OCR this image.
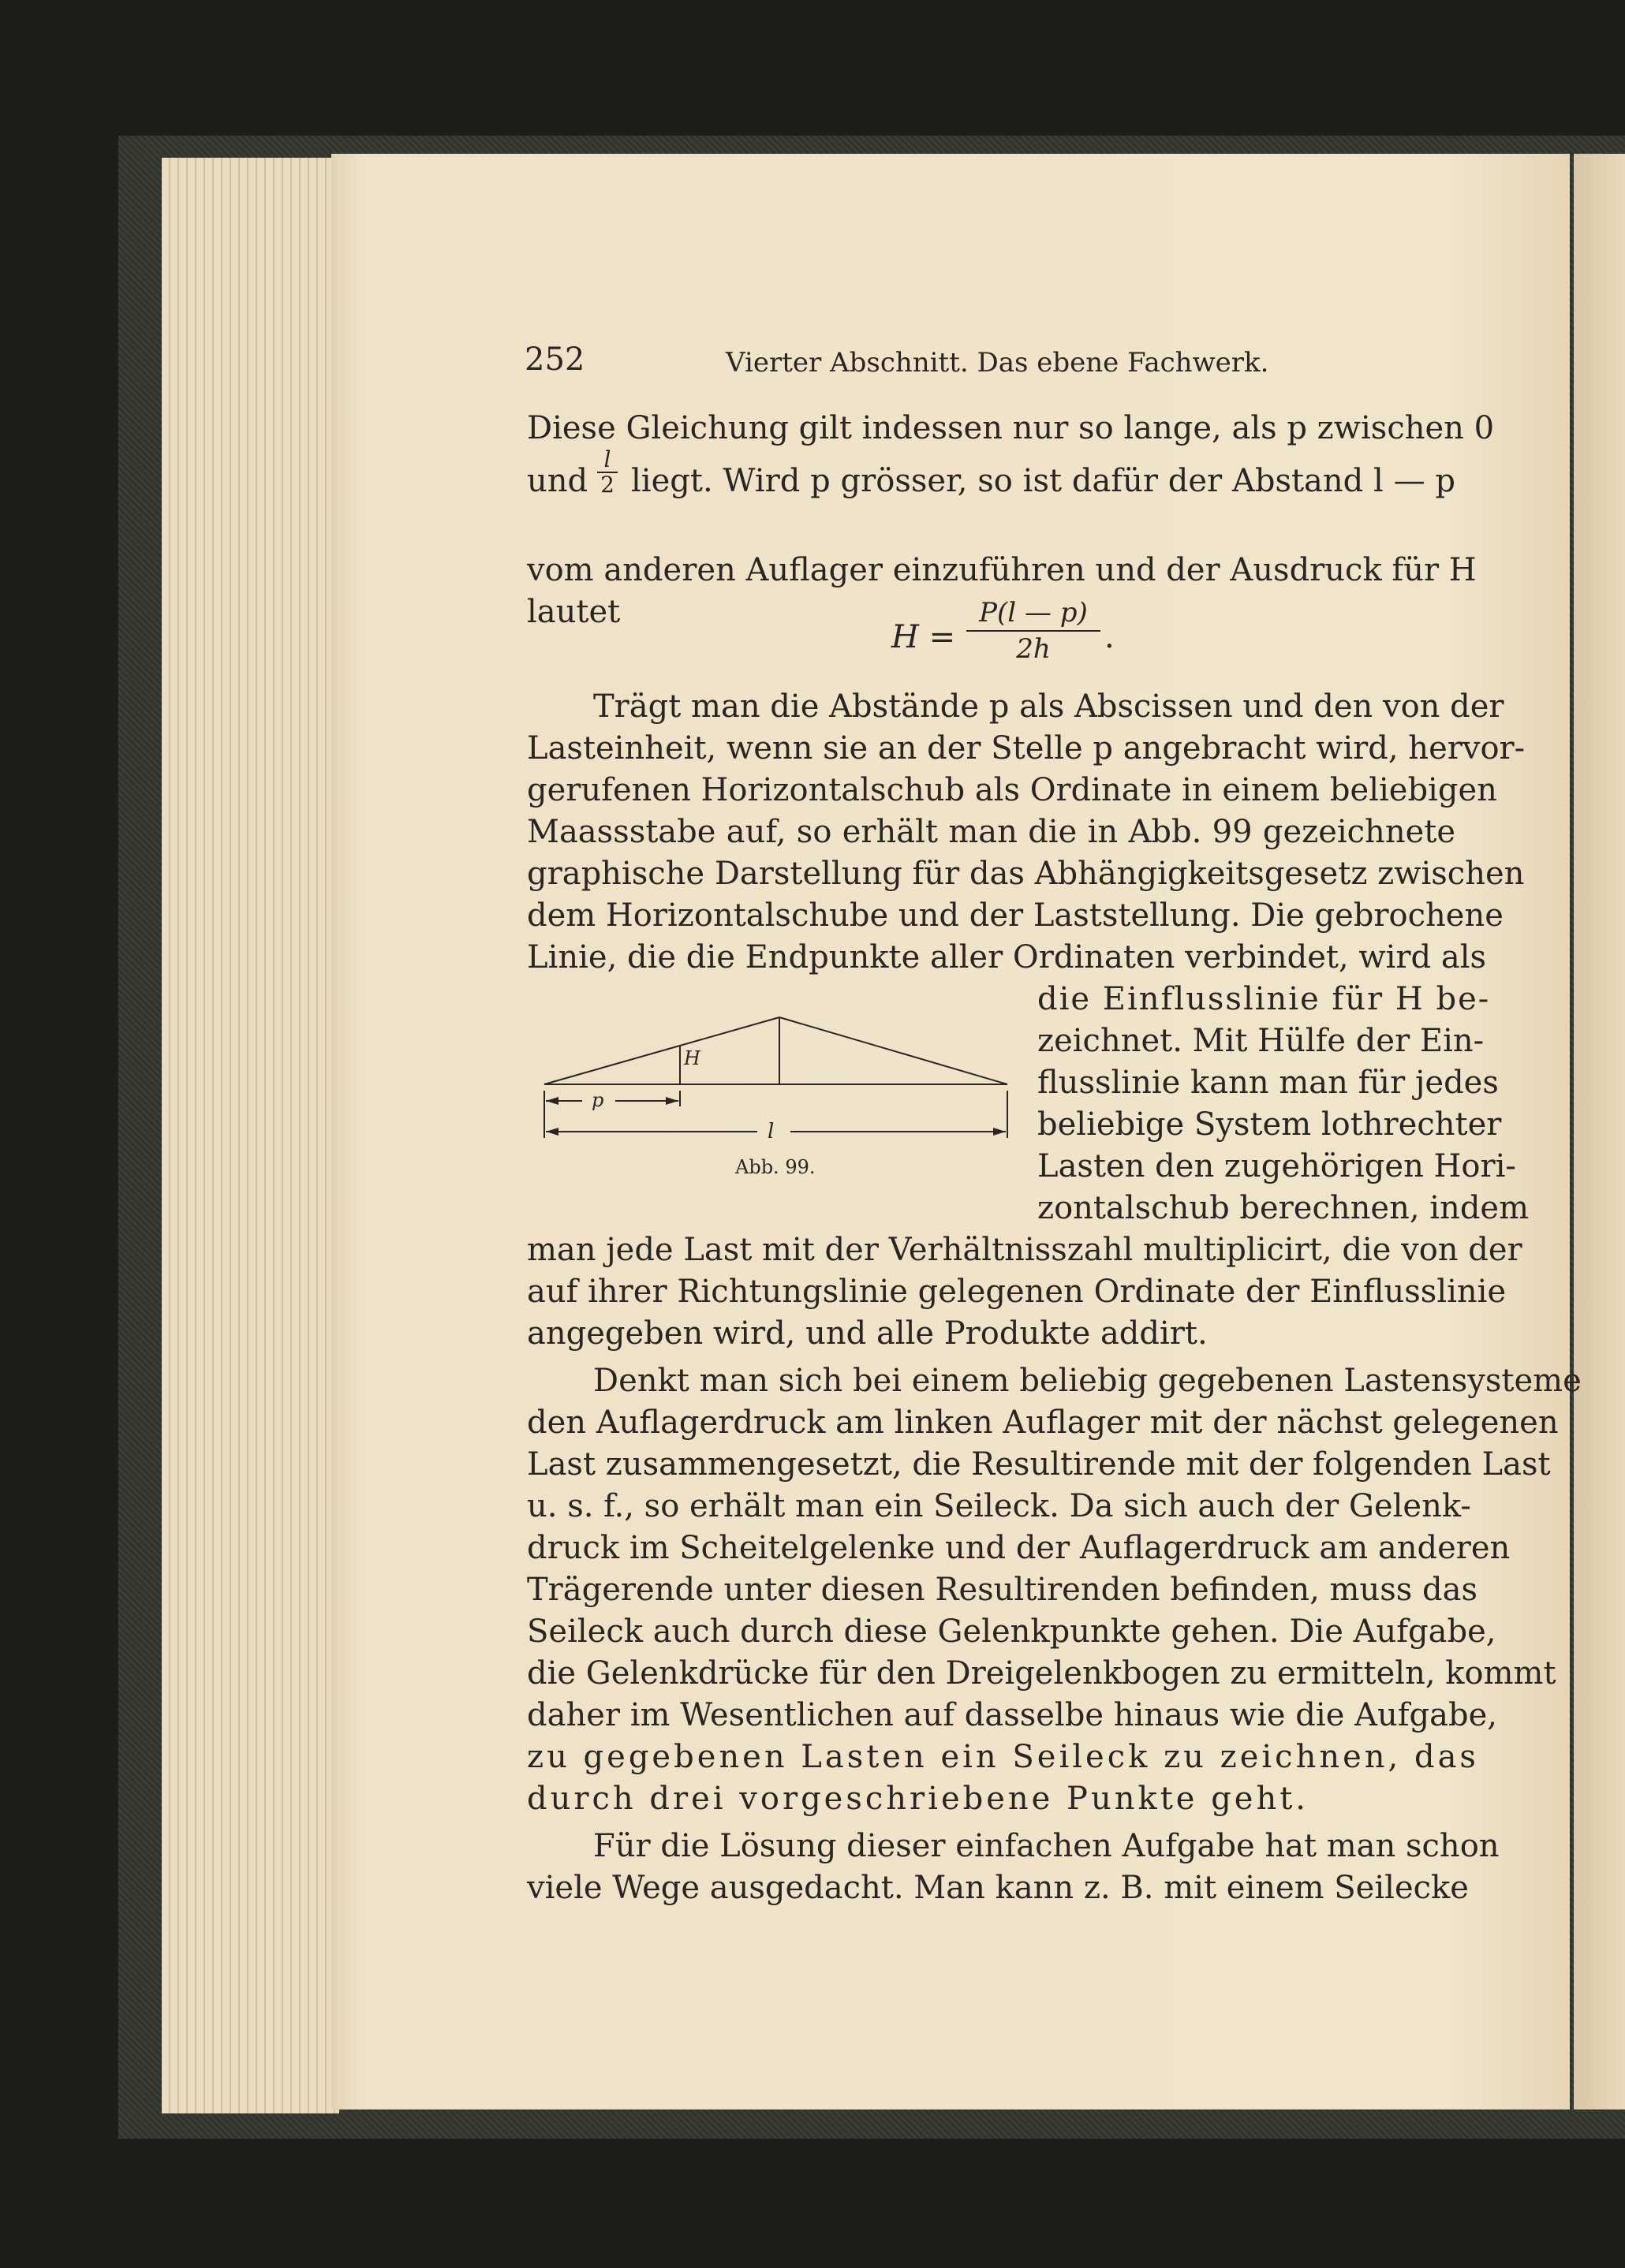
252	Vierter Abschnitt. Das ebene Fachwerk.
Diese Gleichung gilt indessen nur so lange, als p zwischen 0
und
l
2 liegt. Wird p grösser, so ist dafür der Abstand l — p
vom anderen Auflager einzuführen und der Ausdruck für H
lautet
H =
P(l — p)
2h	.
Trägt man die Abstände p als Abscissen und den von der
Lasteinheit, wenn sie an der Stelle p angebracht wird, hervor-
gerufenen Horizontalschub als Ordinate in einem beliebigen
Maassstabe auf, so erhält man die in Abb. 99 gezeichnete
graphische Darstellung für das Abhängigkeitsgesetz zwischen
dem Horizontalschube und der Laststellung. Die gebrochene
Linie, die die Endpunkte aller Ordinaten verbindet, wird als
die Einflusslinie für H be-
zeichnet. Mit Hülfe der Ein-
flusslinie kann man für jedes
beliebige System lothrechter
Lasten den zugehörigen Hori-
zontalschub berechnen, indem
man jede Last mit der Verhältnisszahl multiplicirt, die von der
auf ihrer Richtungslinie gelegenen Ordinate der Einflusslinie
angegeben wird, und alle Produkte addirt.
H
p
l
Abb. 99.
Denkt man sich bei einem beliebig gegebenen Lastensysteme
den Auflagerdruck am linken Auflager mit der nächst gelegenen
Last zusammengesetzt, die Resultirende mit der folgenden Last
u. s. f., so erhält man ein Seileck. Da sich auch der Gelenk-
druck im Scheitelgelenke und der Auflagerdruck am anderen
Trägerende unter diesen Resultirenden befinden, muss das
Seileck auch durch diese Gelenkpunkte gehen. Die Aufgabe,
die Gelenkdrücke für den Dreigelenkbogen zu ermitteln, kommt
daher im Wesentlichen auf dasselbe hinaus wie die Aufgabe,
zu gegebenen Lasten ein Seileck zu zeichnen, das
durch drei vorgeschriebene Punkte geht.
Für die Lösung dieser einfachen Aufgabe hat man schon
viele Wege ausgedacht. Man kann z. B. mit einem Seilecke
